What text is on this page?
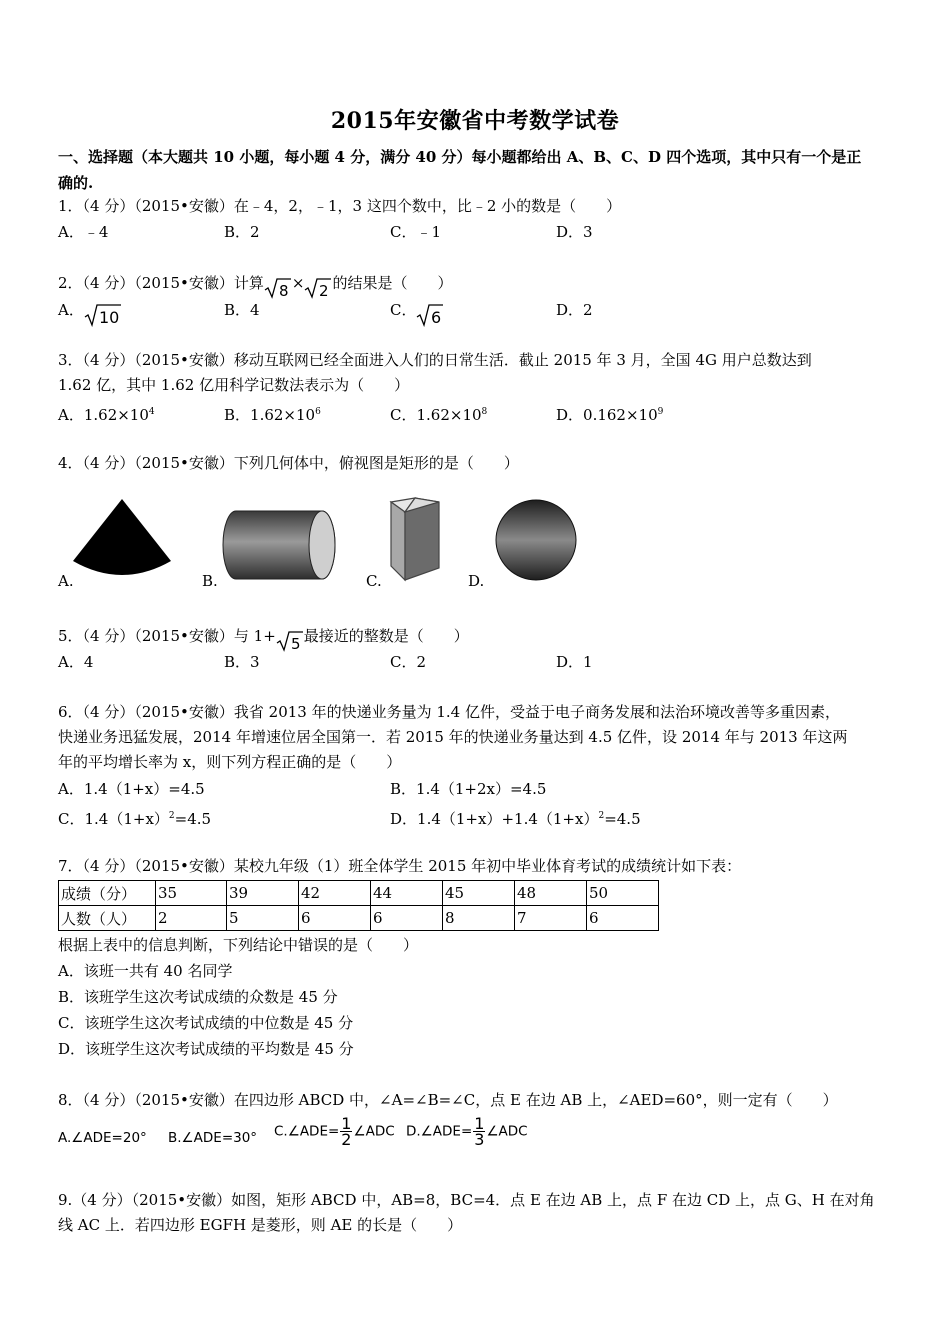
2015年安徽省中考数学试卷
一、选择题（本大题共 10 小题，每小题 4 分，满分 40 分）每小题都给出 A、B、C、D 四个选项，其中只有一个是正
确的.
1．（4 分）（2015•安徽）在﹣4，2，﹣1，3 这四个数中，比﹣2 小的数是（　　）
A．﹣4	B．2	C．﹣1	D．3
2．（4 分）（2015•安徽）计算 8 × 2 的结果是（　　）
A． 10	B．4	C． 6	D．2
3．（4 分）（2015•安徽）移动互联网已经全面进入人们的日常生活．截止 2015 年 3 月，全国 4G 用户总数达到
1.62 亿，其中 1.62 亿用科学记数法表示为（　　）
A．$1.62\times 10^4$	B．$1.62\times 10^6$	C．$1.62\times 10^8$	D．$0.162\times 10^9$
4．（4 分）（2015•安徽）下列几何体中，俯视图是矩形的是（　　）
A.	B.	C.	D.
5．（4 分）（2015•安徽）与 1+ 5 最接近的整数是（　　）
A．4	B．3	C．2	D．1
6．（4 分）（2015•安徽）我省 2013 年的快递业务量为 1.4 亿件，受益于电子商务发展和法治环境改善等多重因素，
快递业务迅猛发展，2014 年增速位居全国第一．若 2015 年的快递业务量达到 4.5 亿件，设 2014 年与 2013 年这两
年的平均增长率为 x，则下列方程正确的是（　　）
A．1.4（1+x）=4.5	B．1.4（1+2x）=4.5
C．$1.4(1+x)^2=4.5$	D．$1.4(1+x)+1.4(1+x)^2=4.5$
7．（4 分）（2015•安徽）某校九年级（1）班全体学生 2015 年初中毕业体育考试的成绩统计如下表：
成绩（分）	35	39	42	44	45	48	50
人数（人）	2	5	6	6	8	7	6
根据上表中的信息判断，下列结论中错误的是（　　）
A．该班一共有 40 名同学
B．该班学生这次考试成绩的众数是 45 分
C．该班学生这次考试成绩的中位数是 45 分
D．该班学生这次考试成绩的平均数是 45 分
8．（4 分）（2015•安徽）在四边形 ABCD 中，∠A=∠B=∠C，点 E 在边 AB 上，∠AED=60°，则一定有（　　）
A.∠ADE=20° B.∠ADE=30° C.∠ADE= $\frac{1}{2}$ ∠ADC D.∠ADE= $\frac{1}{3}$ ∠ADC
9.（4 分）（2015•安徽）如图，矩形 ABCD 中，AB=8，BC=4．点 E 在边 AB 上，点 F 在边 CD 上，点 G、H 在对角
线 AC 上．若四边形 EGFH 是菱形，则 AE 的长是（　　）
